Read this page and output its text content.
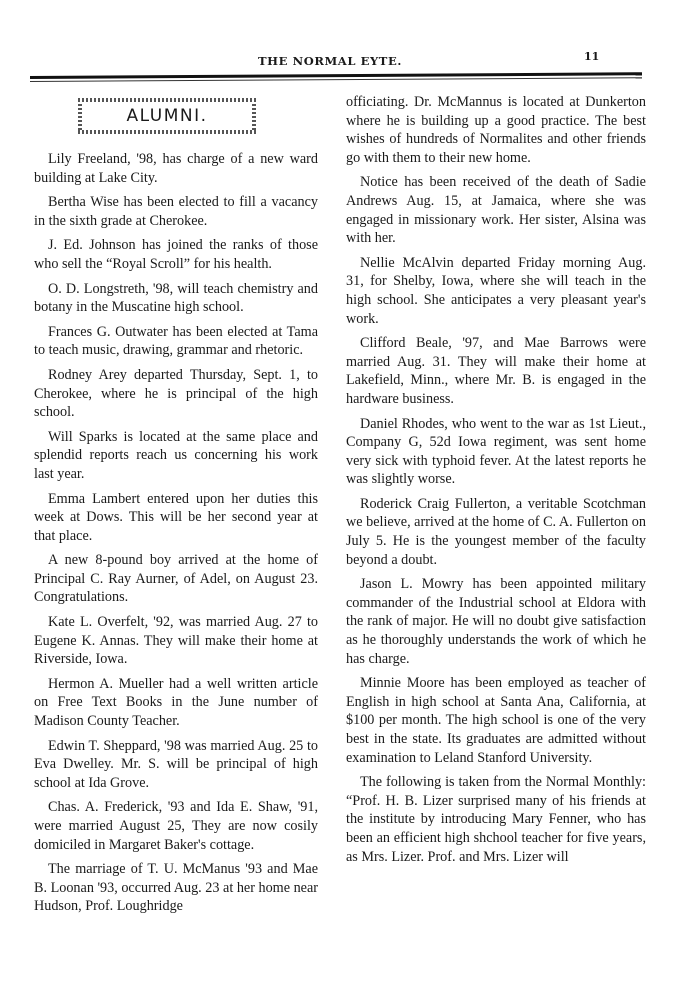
THE NORMAL EYTE.	11
ALUMNI.

Lily Freeland, '98, has charge of a new ward building at Lake City.

Bertha Wise has been elected to fill a vacancy in the sixth grade at Cherokee.

J. Ed. Johnson has joined the ranks of those who sell the “Royal Scroll” for his health.

O. D. Longstreth, '98, will teach chemistry and botany in the Muscatine high school.

Frances G. Outwater has been elected at Tama to teach music, drawing, grammar and rhetoric.

Rodney Arey departed Thursday, Sept. 1, to Cherokee, where he is principal of the high school.

Will Sparks is located at the same place and splendid reports reach us concerning his work last year.

Emma Lambert entered upon her duties this week at Dows. This will be her second year at that place.

A new 8-pound boy arrived at the home of Principal C. Ray Aurner, of Adel, on August 23. Congratulations.

Kate L. Overfelt, '92, was married Aug. 27 to Eugene K. Annas. They will make their home at Riverside, Iowa.

Hermon A. Mueller had a well written article on Free Text Books in the June number of Madison County Teacher.

Edwin T. Sheppard, '98 was married Aug. 25 to Eva Dwelley. Mr. S. will be principal of high school at Ida Grove.

Chas. A. Frederick, '93 and Ida E. Shaw, '91, were married August 25, They are now cosily domiciled in Margaret Baker's cottage.

The marriage of T. U. McManus '93 and Mae B. Loonan '93, occurred Aug. 23 at her home near Hudson, Prof. Loughridge

officiating. Dr. McMannus is located at Dunkerton where he is building up a good practice. The best wishes of hundreds of Normalites and other friends go with them to their new home.

Notice has been received of the death of Sadie Andrews Aug. 15, at Jamaica, where she was engaged in missionary work. Her sister, Alsina was with her.

Nellie McAlvin departed Friday morning Aug. 31, for Shelby, Iowa, where she will teach in the high school. She anticipates a very pleasant year's work.

Clifford Beale, '97, and Mae Barrows were married Aug. 31. They will make their home at Lakefield, Minn., where Mr. B. is engaged in the hardware business.

Daniel Rhodes, who went to the war as 1st Lieut., Company G, 52d Iowa regiment, was sent home very sick with typhoid fever. At the latest reports he was slightly worse.

Roderick Craig Fullerton, a veritable Scotchman we believe, arrived at the home of C. A. Fullerton on July 5. He is the youngest member of the faculty beyond a doubt.

Jason L. Mowry has been appointed military commander of the Industrial school at Eldora with the rank of major. He will no doubt give satisfaction as he thoroughly understands the work of which he has charge.

Minnie Moore has been employed as teacher of English in high school at Santa Ana, California, at $100 per month. The high school is one of the very best in the state. Its graduates are admitted without examination to Leland Stanford University.

The following is taken from the Normal Monthly: “Prof. H. B. Lizer surprised many of his friends at the institute by introducing Mary Fenner, who has been an efficient high shchool teacher for five years, as Mrs. Lizer. Prof. and Mrs. Lizer will
